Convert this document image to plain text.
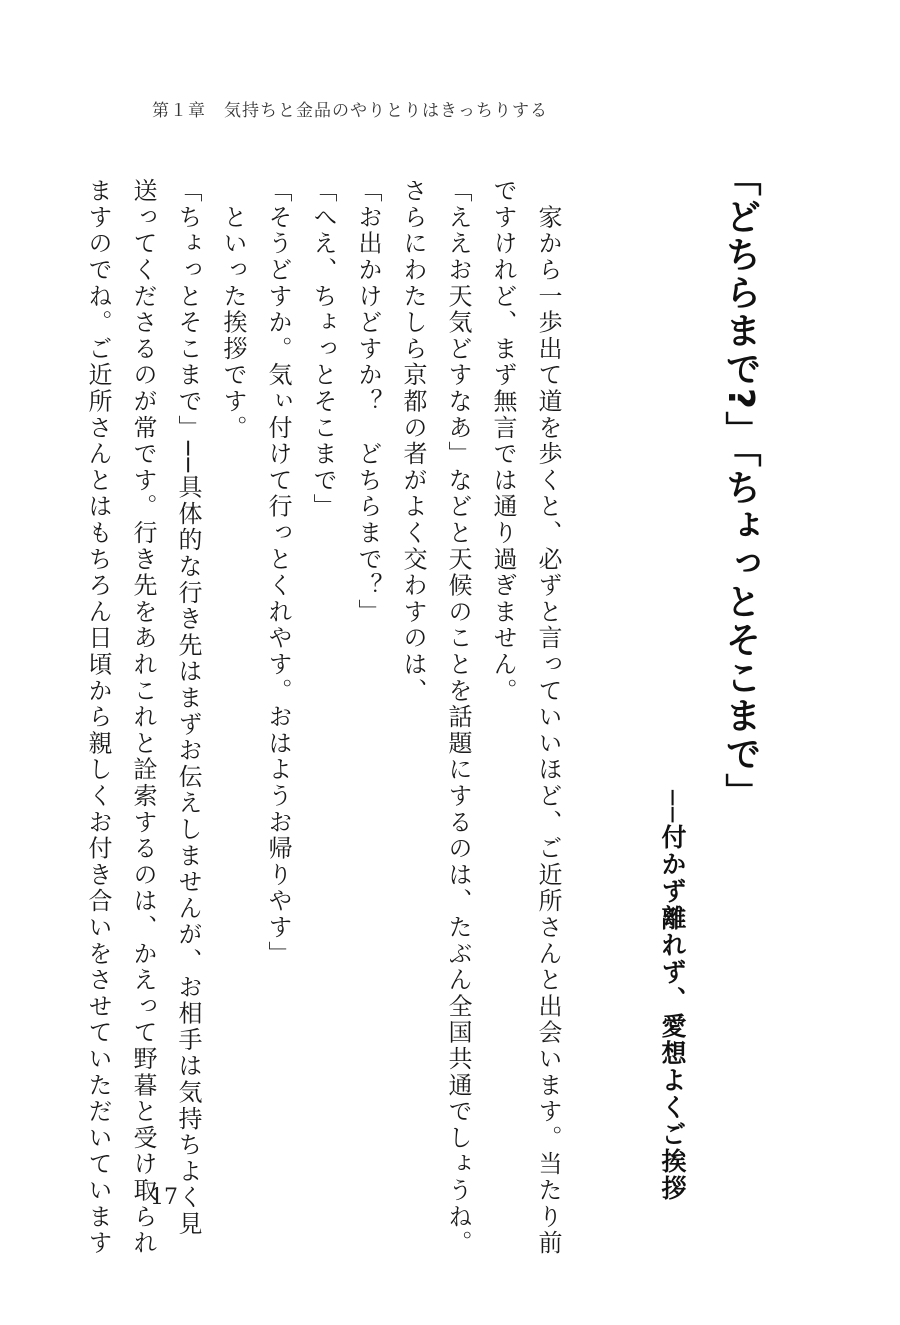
第１章　気持ちと金品のやりとりはきっちりする
「どちらまで?」「ちょっとそこまで」
──付かず離れず、愛想よくご挨拶
　家から一歩出て道を歩くと、必ずと言っていいほど、ご近所さんと出会います。当たり前
ですけれど、まず無言では通り過ぎません。
「ええお天気どすなあ」などと天候のことを話題にするのは、たぶん全国共通でしょうね。
さらにわたしら京都の者がよく交わすのは、
「お出かけどすか？　どちらまで？」
「へえ、ちょっとそこまで」
「そうどすか。気ぃ付けて行っとくれやす。おはようお帰りやす」
　といった挨拶です。
「ちょっとそこまで」──具体的な行き先はまずお伝えしませんが、お相手は気持ちよく見
送ってくださるのが常です。行き先をあれこれと詮索するのは、かえって野暮と受け取られ
ますのでね。ご近所さんとはもちろん日頃から親しくお付き合いをさせていただいています	17
